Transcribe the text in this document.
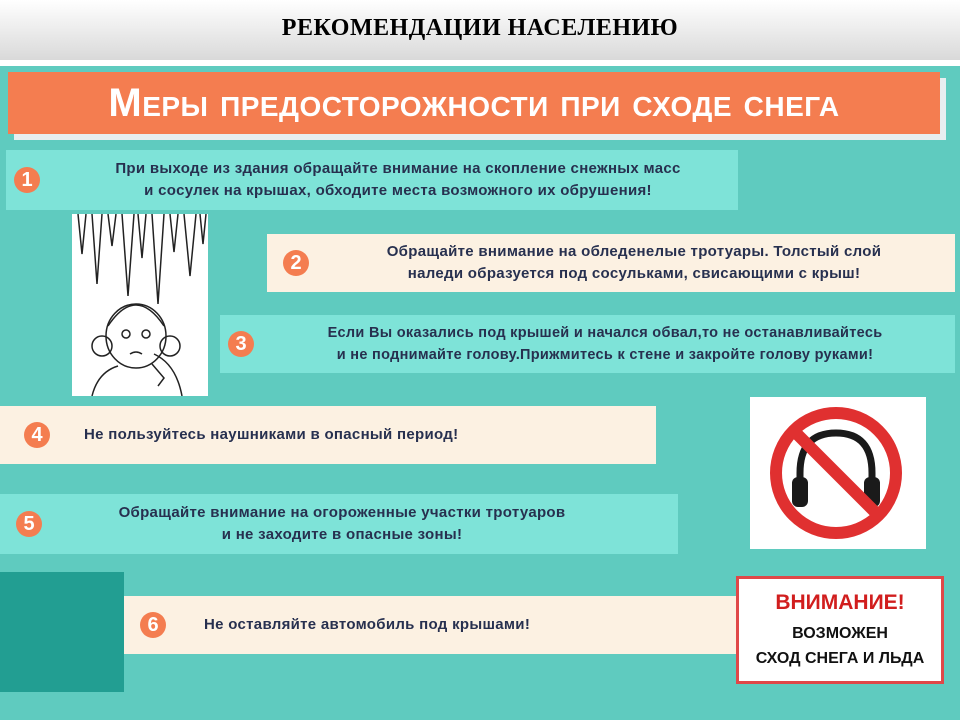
РЕКОМЕНДАЦИИ НАСЕЛЕНИЮ
Меры предосторожности при сходе снега
1
При выходе из здания обращайте внимание на скопление снежных масс
и сосулек на крышах, обходите места возможного их обрушения!
2
Обращайте внимание на обледенелые тротуары. Толстый слой
наледи образуется под сосульками, свисающими с крыш!
3	Если Вы оказались под крышей и начался обвал,то не останавливайтесь
и не поднимайте голову.Прижмитесь к стене и закройте голову руками!
4	Не пользуйтесь наушниками в опасный период!
5
Обращайте внимание на огороженные участки тротуаров
и не заходите в опасные зоны!
6	Не оставляйте автомобиль под крышами!
ВНИМАНИЕ!
ВОЗМОЖЕН
СХОД СНЕГА И ЛЬДА
